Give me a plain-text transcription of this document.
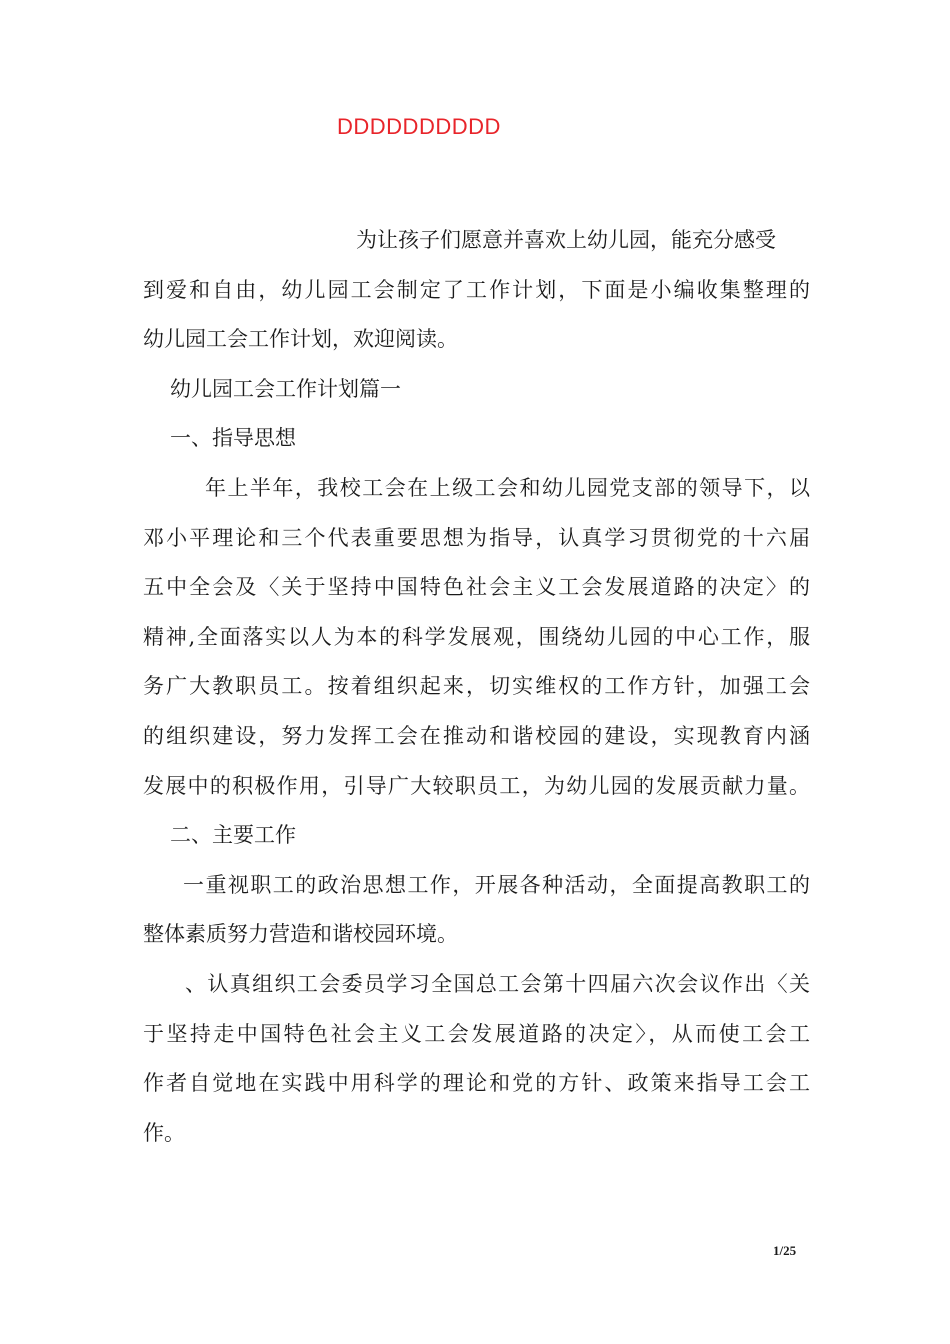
DDDDDDDDDD
为让孩子们愿意并喜欢上幼儿园，能充分感受
到爱和自由，幼儿园工会制定了工作计划，下面是小编收集整理的
幼儿园工会工作计划，欢迎阅读。
幼儿园工会工作计划篇一
一、指导思想
年上半年，我校工会在上级工会和幼儿园党支部的领导下，以
邓小平理论和三个代表重要思想为指导，认真学习贯彻党的十六届
五中全会及〈关于坚持中国特色社会主义工会发展道路的决定〉的
精神,全面落实以人为本的科学发展观，围绕幼儿园的中心工作，服
务广大教职员工。按着组织起来，切实维权的工作方针，加强工会
的组织建设，努力发挥工会在推动和谐校园的建设，实现教育内涵
发展中的积极作用，引导广大较职员工，为幼儿园的发展贡献力量。
二、主要工作
一重视职工的政治思想工作，开展各种活动，全面提高教职工的
整体素质努力营造和谐校园环境。
、认真组织工会委员学习全国总工会第十四届六次会议作出〈关
于坚持走中国特色社会主义工会发展道路的决定〉，从而使工会工
作者自觉地在实践中用科学的理论和党的方针、政策来指导工会工
作。
1/25
